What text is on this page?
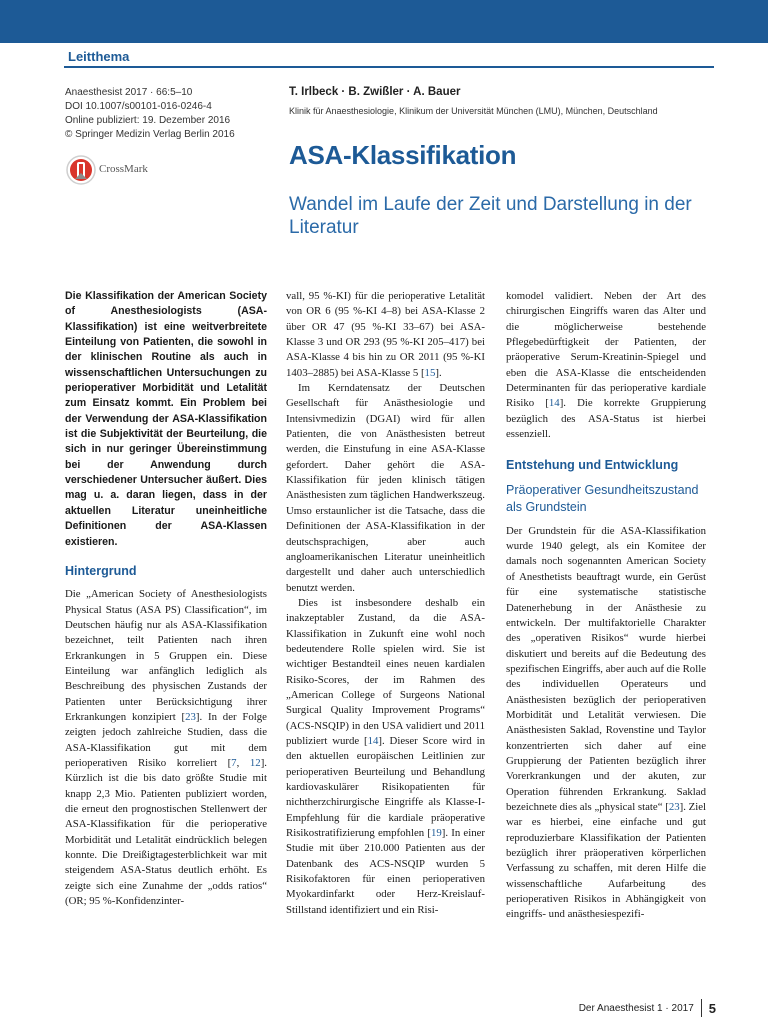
Leitthema
Anaesthesist 2017 · 66:5–10
DOI 10.1007/s00101-016-0246-4
Online publiziert: 19. Dezember 2016
© Springer Medizin Verlag Berlin 2016
CrossMark
T. Irlbeck · B. Zwißler · A. Bauer
Klinik für Anaesthesiologie, Klinikum der Universität München (LMU), München, Deutschland
ASA-Klassifikation
Wandel im Laufe der Zeit und Darstellung in der Literatur

Die Klassifikation der American Society of Anesthesiologists (ASA-Klassifikation) ist eine weitverbreitete Einteilung von Patienten, die sowohl in der klinischen Routine als auch in wissenschaftlichen Untersuchungen zu perioperativer Morbidität und Letalität zum Einsatz kommt. Ein Problem bei der Verwendung der ASA-Klassifikation ist die Subjektivität der Beurteilung, die sich in nur geringer Übereinstimmung bei der Anwendung durch verschiedener Untersucher äußert. Dies mag u. a. daran liegen, dass in der aktuellen Literatur uneinheitliche Definitionen der ASA-Klassen existieren.

Hintergrund

Die „American Society of Anesthesiologists Physical Status (ASA PS) Classification“, im Deutschen häufig nur als ASA-Klassifikation bezeichnet, teilt Patienten nach ihren Erkrankungen in 5 Gruppen ein. Diese Einteilung war anfänglich lediglich als Beschreibung des physischen Zustands der Patienten unter Berücksichtigung ihrer Erkrankungen konzipiert [23]. In der Folge zeigten jedoch zahlreiche Studien, dass die ASA-Klassifikation gut mit dem perioperativen Risiko korreliert [7, 12]. Kürzlich ist die bis dato größte Studie mit knapp 2,3 Mio. Patienten publiziert worden, die erneut den prognostischen Stellenwert der ASA-Klassifikation für die perioperative Morbidität und Letalität eindrücklich belegen konnte. Die Dreißigtagesterblichkeit war mit steigendem ASA-Status deutlich erhöht. Es zeigte sich eine Zunahme der „odds ratios“ (OR; 95 %-Konfidenzinter-

vall, 95 %-KI) für die perioperative Letalität von OR 6 (95 %-KI 4–8) bei ASA-Klasse 2 über OR 47 (95 %-KI 33–67) bei ASA-Klasse 3 und OR 293 (95 %-KI 205–417) bei ASA-Klasse 4 bis hin zu OR 2011 (95 %-KI 1403–2885) bei ASA-Klasse 5 [15].

Im Kerndatensatz der Deutschen Gesellschaft für Anästhesiologie und Intensivmedizin (DGAI) wird für allen Patienten, die von Anästhesisten betreut werden, die Einstufung in eine ASA-Klasse gefordert. Daher gehört die ASA-Klassifikation für jeden klinisch tätigen Anästhesisten zum täglichen Handwerkszeug. Umso erstaunlicher ist die Tatsache, dass die Definitionen der ASA-Klassifikation in der deutschsprachigen, aber auch angloamerikanischen Literatur uneinheitlich dargestellt und daher auch unterschiedlich benutzt werden.

Dies ist insbesondere deshalb ein inakzeptabler Zustand, da die ASA-Klassifikation in Zukunft eine wohl noch bedeutendere Rolle spielen wird. Sie ist wichtiger Bestandteil eines neuen kardialen Risiko-Scores, der im Rahmen des „American College of Surgeons National Surgical Quality Improvement Programs“ (ACS-NSQIP) in den USA validiert und 2011 publiziert wurde [14]. Dieser Score wird in den aktuellen europäischen Leitlinien zur perioperativen Beurteilung und Behandlung kardiovaskulärer Risikopatienten für nichtherzchirurgische Eingriffe als Klasse-I-Empfehlung für die kardiale präoperative Risikostratifizierung empfohlen [19]. In einer Studie mit über 210.000 Patienten aus der Datenbank des ACS-NSQIP wurden 5 Risikofaktoren für einen perioperativen Myokardinfarkt oder Herz-Kreislauf-Stillstand identifiziert und ein Risi-

komodel validiert. Neben der Art des chirurgischen Eingriffs waren das Alter und die möglicherweise bestehende Pflegebedürftigkeit der Patienten, der präoperative Serum-Kreatinin-Spiegel und eben die ASA-Klasse die entscheidenden Determinanten für das perioperative kardiale Risiko [14]. Die korrekte Gruppierung bezüglich des ASA-Status ist hierbei essenziell.

Entstehung und Entwicklung

Präoperativer Gesundheitszustand als Grundstein

Der Grundstein für die ASA-Klassifikation wurde 1940 gelegt, als ein Komitee der damals noch sogenannten American Society of Anesthetists beauftragt wurde, ein Gerüst für eine systematische statistische Datenerhebung in der Anästhesie zu entwickeln. Der multifaktorielle Charakter des „operativen Risikos“ wurde hierbei diskutiert und bereits auf die Bedeutung des spezifischen Eingriffs, aber auch auf die Rolle des individuellen Operateurs und Anästhesisten bezüglich der perioperativen Morbidität und Letalität verwiesen. Die Anästhesisten Saklad, Rovenstine und Taylor konzentrierten sich daher auf eine Gruppierung der Patienten bezüglich ihrer Vorerkrankungen und der akuten, zur Operation führenden Erkrankung. Saklad bezeichnete dies als „physical state“ [23]. Ziel war es hierbei, eine einfache und gut reproduzierbare Klassifikation der Patienten bezüglich ihrer präoperativen körperlichen Verfassung zu schaffen, mit deren Hilfe die wissenschaftliche Aufarbeitung des perioperativen Risikos in Abhängigkeit von eingriffs- und anästhesiespezifi-

Der Anaesthesist 1 · 2017 5
